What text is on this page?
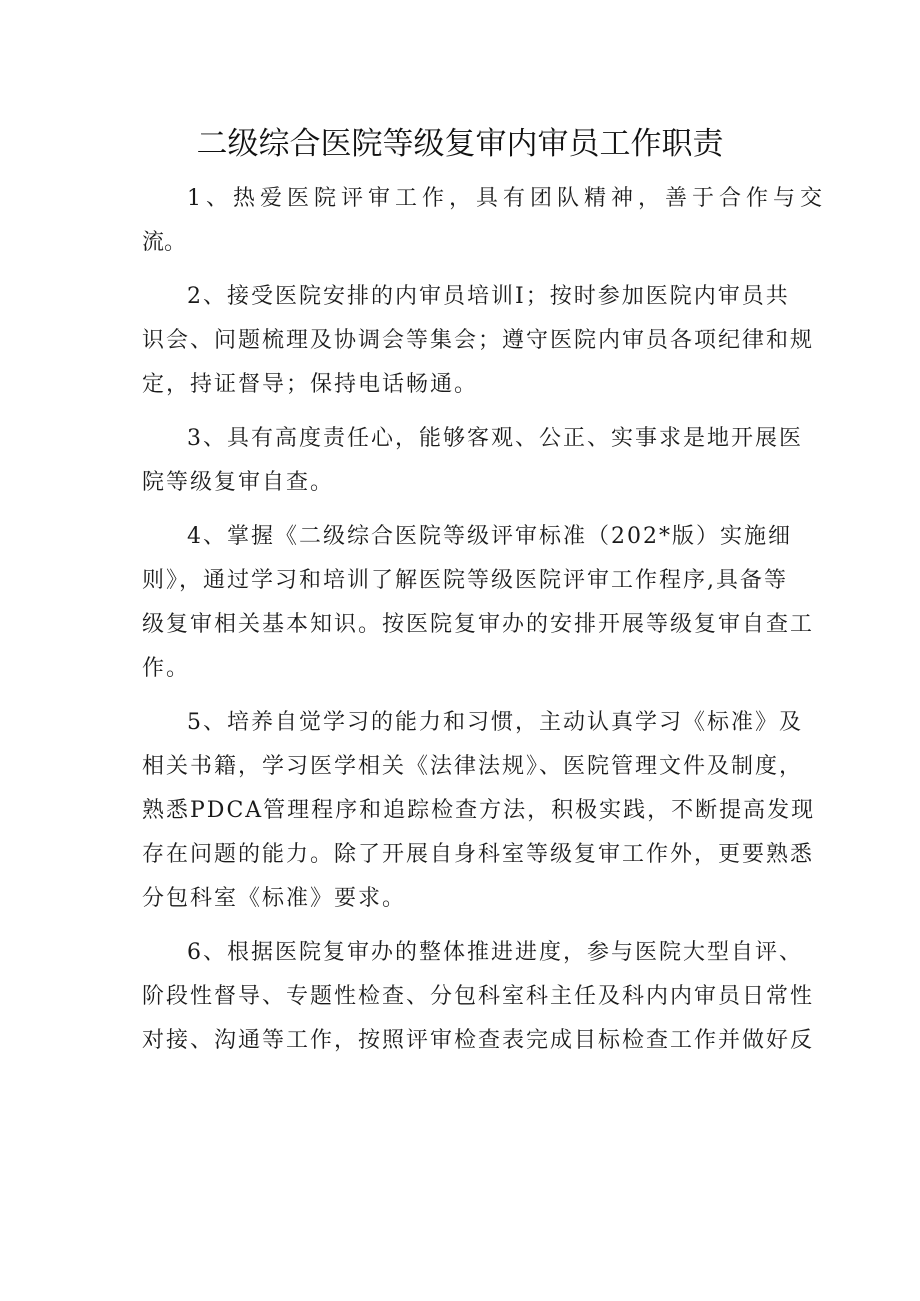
二级综合医院等级复审内审员工作职责
1、热爱医院评审工作，具有团队精神，善于合作与交
流。
2、接受医院安排的内审员培训I；按时参加医院内审员共
识会、问题梳理及协调会等集会；遵守医院内审员各项纪律和规
定，持证督导；保持电话畅通。
3、具有高度责任心，能够客观、公正、实事求是地开展医
院等级复审自查。
4、掌握《二级综合医院等级评审标准（202*版）实施细
则》，通过学习和培训了解医院等级医院评审工作程序,具备等
级复审相关基本知识。按医院复审办的安排开展等级复审自查工
作。
5、培养自觉学习的能力和习惯，主动认真学习《标准》及
相关书籍，学习医学相关《法律法规》、医院管理文件及制度，
熟悉PDCA管理程序和追踪检查方法，积极实践，不断提高发现
存在问题的能力。除了开展自身科室等级复审工作外，更要熟悉
分包科室《标准》要求。
6、根据医院复审办的整体推进进度，参与医院大型自评、
阶段性督导、专题性检查、分包科室科主任及科内内审员日常性
对接、沟通等工作，按照评审检查表完成目标检查工作并做好反
